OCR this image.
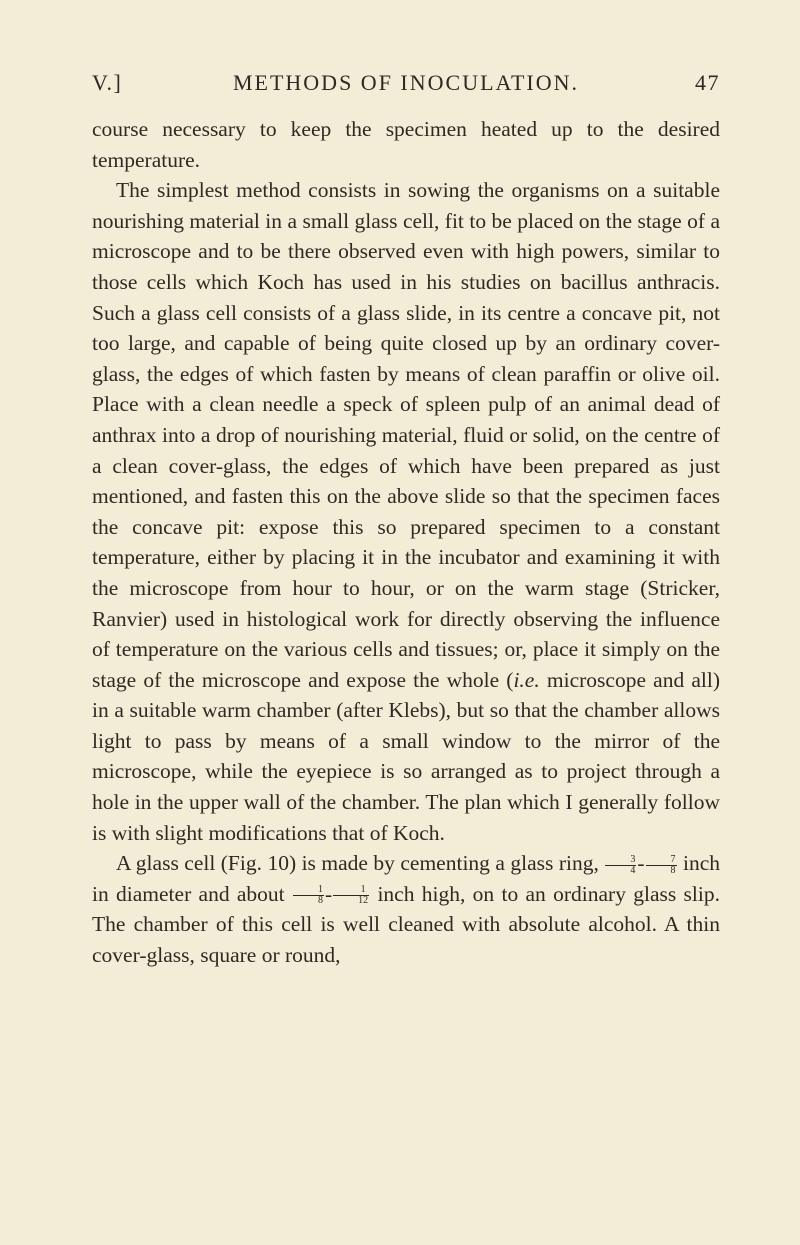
V.]	METHODS OF INOCULATION.	47

course necessary to keep the specimen heated up to the desired temperature.

The simplest method consists in sowing the organisms on a suitable nourishing material in a small glass cell, fit to be placed on the stage of a microscope and to be there observed even with high powers, similar to those cells which Koch has used in his studies on bacillus anthracis. Such a glass cell consists of a glass slide, in its centre a concave pit, not too large, and capable of being quite closed up by an ordinary cover-glass, the edges of which fasten by means of clean paraffin or olive oil. Place with a clean needle a speck of spleen pulp of an animal dead of anthrax into a drop of nourishing material, fluid or solid, on the centre of a clean cover-glass, the edges of which have been prepared as just mentioned, and fasten this on the above slide so that the specimen faces the concave pit: expose this so prepared specimen to a constant temperature, either by placing it in the incubator and examining it with the microscope from hour to hour, or on the warm stage (Stricker, Ranvier) used in histological work for directly observing the influence of temperature on the various cells and tissues; or, place it simply on the stage of the microscope and expose the whole (i.e. microscope and all) in a suitable warm chamber (after Klebs), but so that the chamber allows light to pass by means of a small window to the mirror of the microscope, while the eyepiece is so arranged as to project through a hole in the upper wall of the chamber. The plan which I generally follow is with slight modifications that of Koch.

A glass cell (Fig. 10) is made by cementing a glass ring, $\frac{3}{4} - \frac{7}{8}$ inch in diameter and about $\frac{1}{8} - \frac{1}{12}$ inch high, on to an ordinary glass slip. The chamber of this cell is well cleaned with absolute alcohol. A thin cover-glass, square or round,
